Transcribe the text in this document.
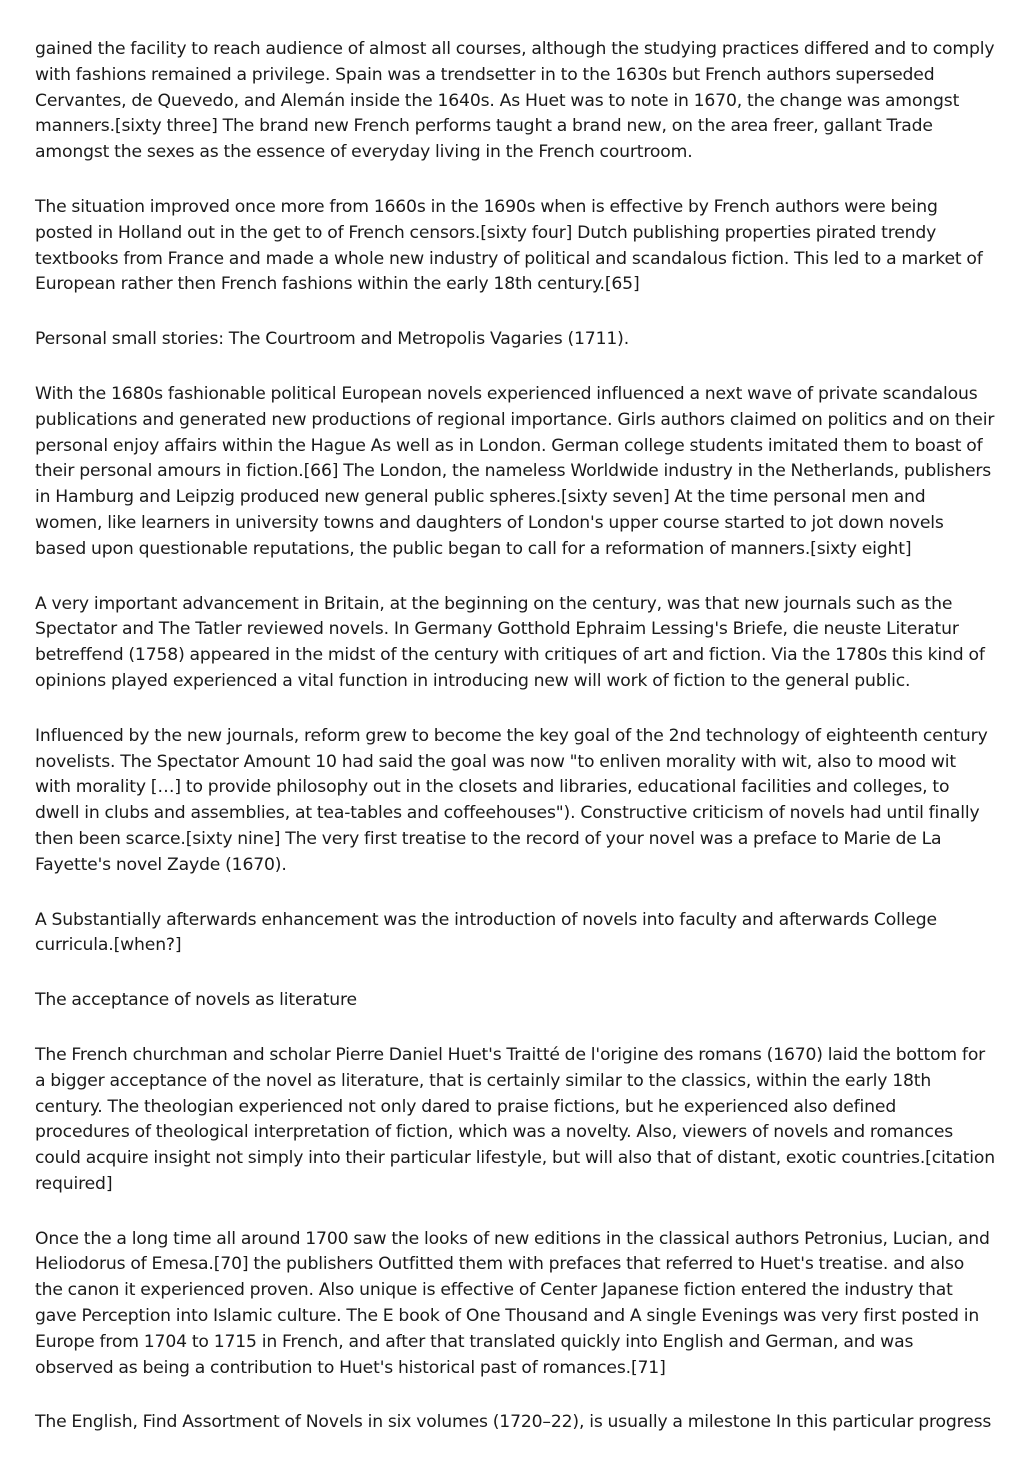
gained the facility to reach audience of almost all courses, although the studying practices differed and to comply with fashions remained a privilege. Spain was a trendsetter in to the 1630s but French authors superseded Cervantes, de Quevedo, and Alemán inside the 1640s. As Huet was to note in 1670, the change was amongst manners.[sixty three] The brand new French performs taught a brand new, on the area freer, gallant Trade amongst the sexes as the essence of everyday living in the French courtroom.

The situation improved once more from 1660s in the 1690s when is effective by French authors were being posted in Holland out in the get to of French censors.[sixty four] Dutch publishing properties pirated trendy textbooks from France and made a whole new industry of political and scandalous fiction. This led to a market of European rather then French fashions within the early 18th century.[65]

Personal small stories: The Courtroom and Metropolis Vagaries (1711).

With the 1680s fashionable political European novels experienced influenced a next wave of private scandalous publications and generated new productions of regional importance. Girls authors claimed on politics and on their personal enjoy affairs within the Hague As well as in London. German college students imitated them to boast of their personal amours in fiction.[66] The London, the nameless Worldwide industry in the Netherlands, publishers in Hamburg and Leipzig produced new general public spheres.[sixty seven] At the time personal men and women, like learners in university towns and daughters of London's upper course started to jot down novels based upon questionable reputations, the public began to call for a reformation of manners.[sixty eight]

A very important advancement in Britain, at the beginning on the century, was that new journals such as the Spectator and The Tatler reviewed novels. In Germany Gotthold Ephraim Lessing's Briefe, die neuste Literatur betreffend (1758) appeared in the midst of the century with critiques of art and fiction. Via the 1780s this kind of opinions played experienced a vital function in introducing new will work of fiction to the general public.

Influenced by the new journals, reform grew to become the key goal of the 2nd technology of eighteenth century novelists. The Spectator Amount 10 had said the goal was now "to enliven morality with wit, also to mood wit with morality […] to provide philosophy out in the closets and libraries, educational facilities and colleges, to dwell in clubs and assemblies, at tea-tables and coffeehouses"). Constructive criticism of novels had until finally then been scarce.[sixty nine] The very first treatise to the record of your novel was a preface to Marie de La Fayette's novel Zayde (1670).

A Substantially afterwards enhancement was the introduction of novels into faculty and afterwards College curricula.[when?]

The acceptance of novels as literature

The French churchman and scholar Pierre Daniel Huet's Traitté de l'origine des romans (1670) laid the bottom for a bigger acceptance of the novel as literature, that is certainly similar to the classics, within the early 18th century. The theologian experienced not only dared to praise fictions, but he experienced also defined procedures of theological interpretation of fiction, which was a novelty. Also, viewers of novels and romances could acquire insight not simply into their particular lifestyle, but will also that of distant, exotic countries.[citation required]

Once the a long time all around 1700 saw the looks of new editions in the classical authors Petronius, Lucian, and Heliodorus of Emesa.[70] the publishers Outfitted them with prefaces that referred to Huet's treatise. and also the canon it experienced proven. Also unique is effective of Center Japanese fiction entered the industry that gave Perception into Islamic culture. The E book of One Thousand and A single Evenings was very first posted in Europe from 1704 to 1715 in French, and after that translated quickly into English and German, and was observed as being a contribution to Huet's historical past of romances.[71]

The English, Find Assortment of Novels in six volumes (1720–22), is usually a milestone In this particular progress
